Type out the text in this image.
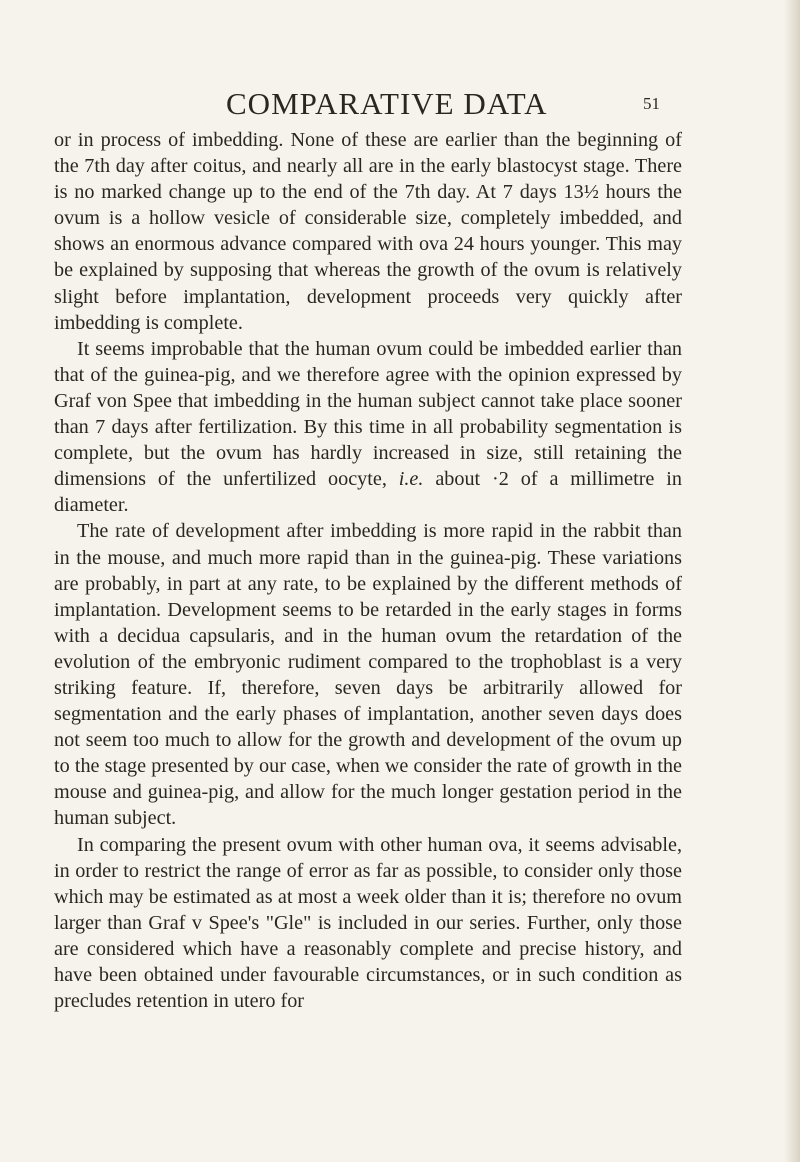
COMPARATIVE DATA	51

or in process of imbedding. None of these are earlier than the beginning of the 7th day after coitus, and nearly all are in the early blastocyst stage. There is no marked change up to the end of the 7th day. At 7 days 13½ hours the ovum is a hollow vesicle of considerable size, completely imbedded, and shows an enormous advance compared with ova 24 hours younger. This may be explained by supposing that whereas the growth of the ovum is relatively slight before implantation, development proceeds very quickly after imbedding is complete.

It seems improbable that the human ovum could be imbedded earlier than that of the guinea-pig, and we therefore agree with the opinion expressed by Graf von Spee that imbedding in the human subject cannot take place sooner than 7 days after fertilization. By this time in all probability segmentation is complete, but the ovum has hardly increased in size, still retaining the dimensions of the unfertilized oocyte, i.e. about ·2 of a millimetre in diameter.

The rate of development after imbedding is more rapid in the rabbit than in the mouse, and much more rapid than in the guinea-pig. These variations are probably, in part at any rate, to be explained by the different methods of implantation. Development seems to be retarded in the early stages in forms with a decidua capsularis, and in the human ovum the retardation of the evolution of the embryonic rudiment compared to the trophoblast is a very striking feature. If, therefore, seven days be arbitrarily allowed for segmentation and the early phases of implantation, another seven days does not seem too much to allow for the growth and development of the ovum up to the stage presented by our case, when we consider the rate of growth in the mouse and guinea-pig, and allow for the much longer gestation period in the human subject.

In comparing the present ovum with other human ova, it seems advisable, in order to restrict the range of error as far as possible, to consider only those which may be estimated as at most a week older than it is; therefore no ovum larger than Graf v Spee's "Gle" is included in our series. Further, only those are considered which have a reasonably complete and precise history, and have been obtained under favourable circumstances, or in such condition as precludes retention in utero for
